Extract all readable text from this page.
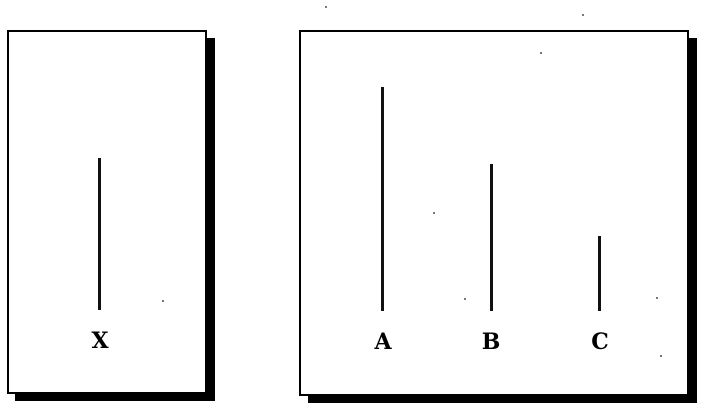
X	A	B	C
